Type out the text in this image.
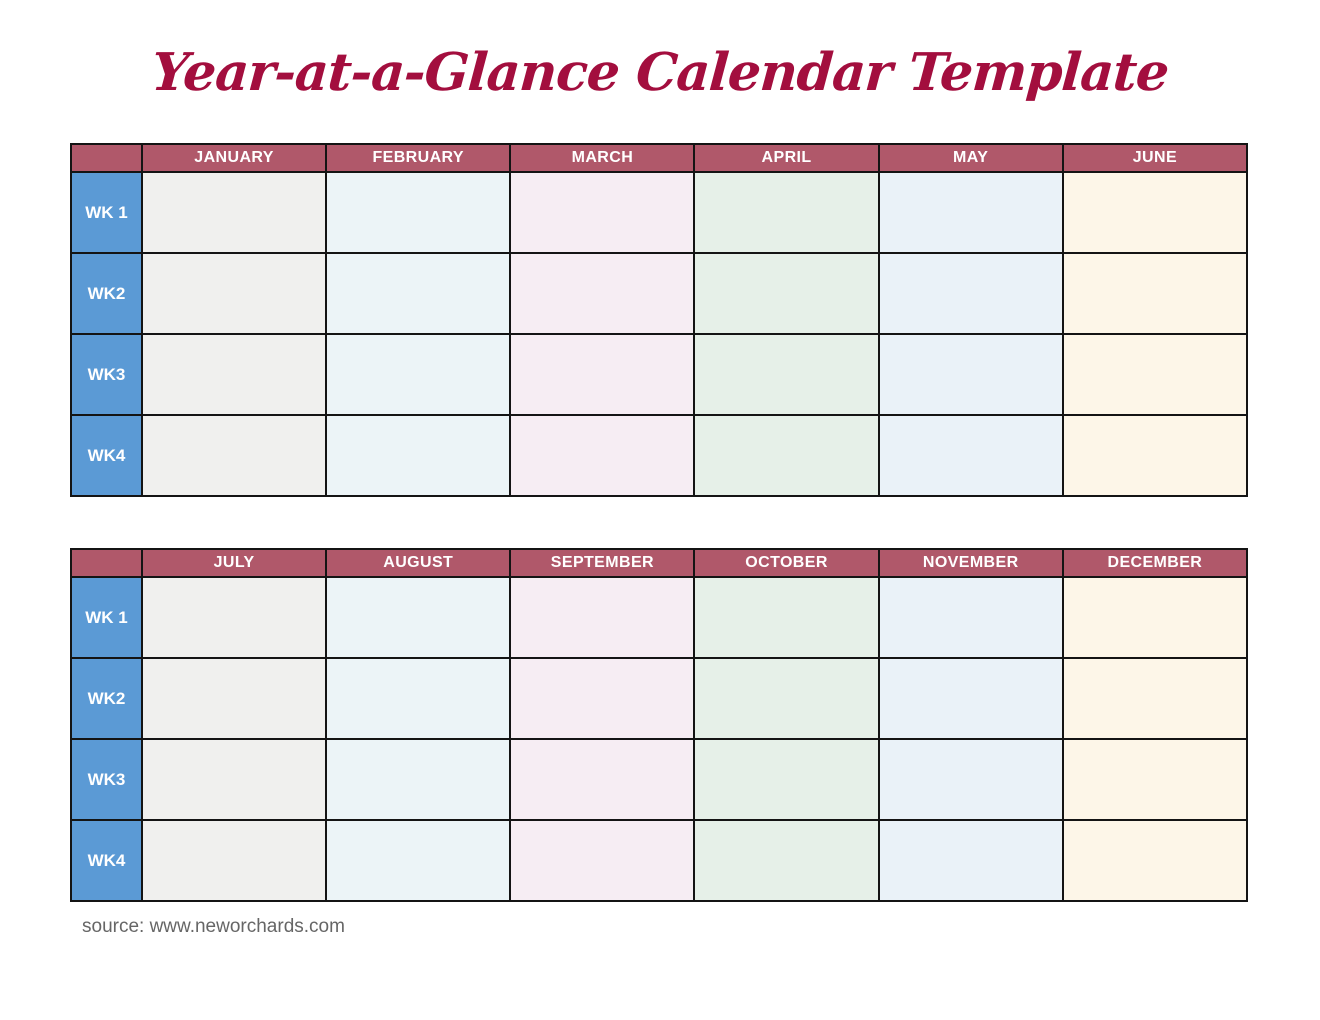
Year-at-a-Glance Calendar Template
	JANUARY	FEBRUARY	MARCH	APRIL	MAY	JUNE
WK 1						
WK2						
WK3						
WK4						
	JULY	AUGUST	SEPTEMBER	OCTOBER	NOVEMBER	DECEMBER
WK 1						
WK2						
WK3						
WK4						
source: www.neworchards.com
